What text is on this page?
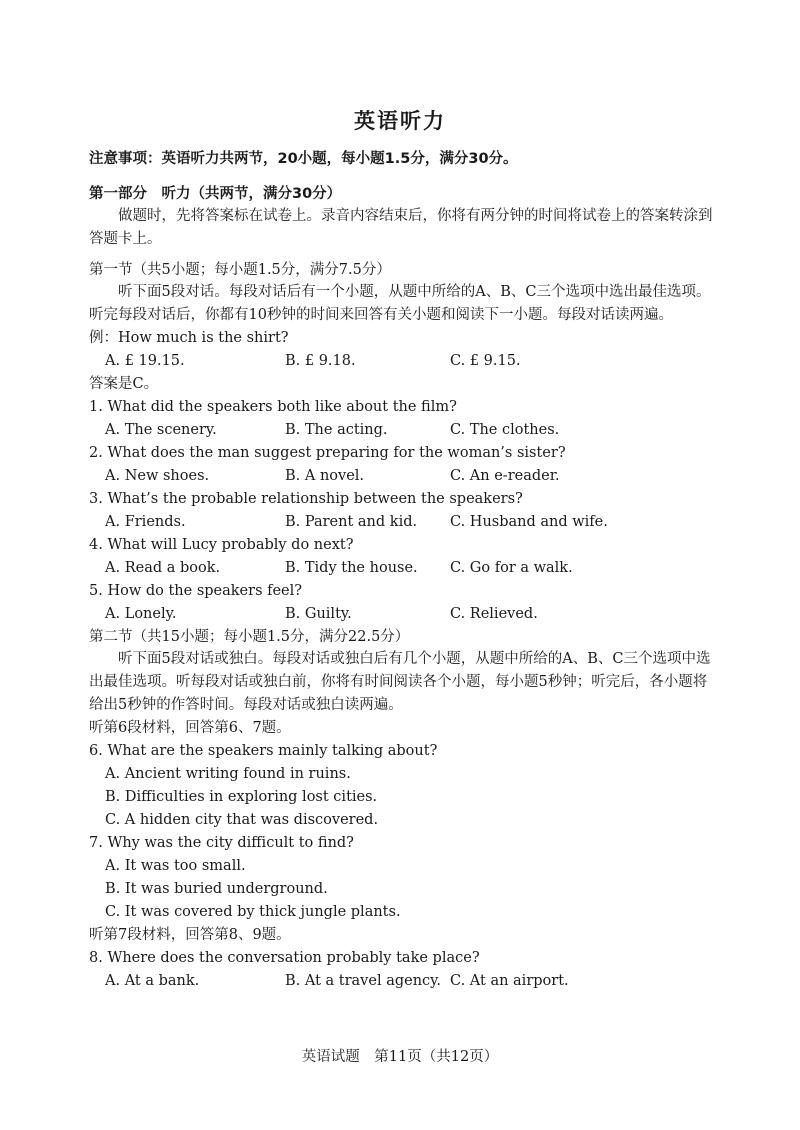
英语听力
注意事项：英语听力共两节，20小题，每小题1.5分，满分30分。
第一部分　听力（共两节，满分30分）
做题时，先将答案标在试卷上。录音内容结束后，你将有两分钟的时间将试卷上的答案转涂到答题卡上。
第一节（共5小题；每小题1.5分，满分7.5分）
听下面5段对话。每段对话后有一个小题，从题中所给的A、B、C三个选项中选出最佳选项。听完每段对话后，你都有10秒钟的时间来回答有关小题和阅读下一小题。每段对话读两遍。
例：How much is the shirt?
A. £ 19.15.	B. £ 9.18.	C. £ 9.15.
答案是C。
1. What did the speakers both like about the film?
A. The scenery.	B. The acting.	C. The clothes.
2. What does the man suggest preparing for the woman’s sister?
A. New shoes.	B. A novel.	C. An e-reader.
3. What’s the probable relationship between the speakers?
A. Friends.	B. Parent and kid.	C. Husband and wife.
4. What will Lucy probably do next?
A. Read a book.	B. Tidy the house.	C. Go for a walk.
5. How do the speakers feel?
A. Lonely.	B. Guilty.	C. Relieved.
第二节（共15小题；每小题1.5分，满分22.5分）
听下面5段对话或独白。每段对话或独白后有几个小题，从题中所给的A、B、C三个选项中选出最佳选项。听每段对话或独白前，你将有时间阅读各个小题，每小题5秒钟；听完后，各小题将给出5秒钟的作答时间。每段对话或独白读两遍。
听第6段材料，回答第6、7题。
6. What are the speakers mainly talking about?
A. Ancient writing found in ruins.
B. Difficulties in exploring lost cities.
C. A hidden city that was discovered.
7. Why was the city difficult to find?
A. It was too small.
B. It was buried underground.
C. It was covered by thick jungle plants.
听第7段材料，回答第8、9题。
8. Where does the conversation probably take place?
A. At a bank.	B. At a travel agency. C. At an airport.
英语试题　第11页（共12页）
